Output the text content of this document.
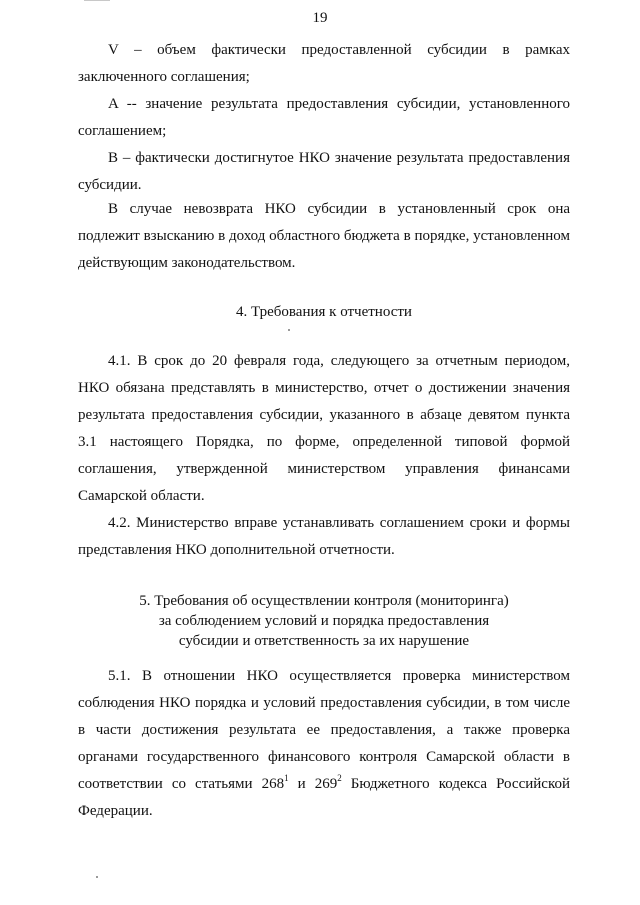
19
V – объем фактически предоставленной субсидии в рамках заключенного соглашения;
A -- значение результата предоставления субсидии, установленного соглашением;
B – фактически достигнутое НКО значение результата предоставления субсидии.
В случае невозврата НКО субсидии в установленный срок она подлежит взысканию в доход областного бюджета в порядке, установленном действующим законодательством.
4. Требования к отчетности
4.1. В срок до 20 февраля года, следующего за отчетным периодом, НКО обязана представлять в министерство, отчет о достижении значения результата предоставления субсидии, указанного в абзаце девятом пункта 3.1 настоящего Порядка, по форме, определенной типовой формой соглашения, утвержденной министерством управления финансами Самарской области.
4.2. Министерство вправе устанавливать соглашением сроки и формы представления НКО дополнительной отчетности.
5. Требования об осуществлении контроля (мониторинга)
за соблюдением условий и порядка предоставления
субсидии и ответственность за их нарушение
5.1. В отношении НКО осуществляется проверка министерством соблюдения НКО порядка и условий предоставления субсидии, в том числе в части достижения результата ее предоставления, а также проверка органами государственного финансового контроля Самарской области в соответствии со статьями $268^1$ и $269^2$ Бюджетного кодекса Российской Федерации.
